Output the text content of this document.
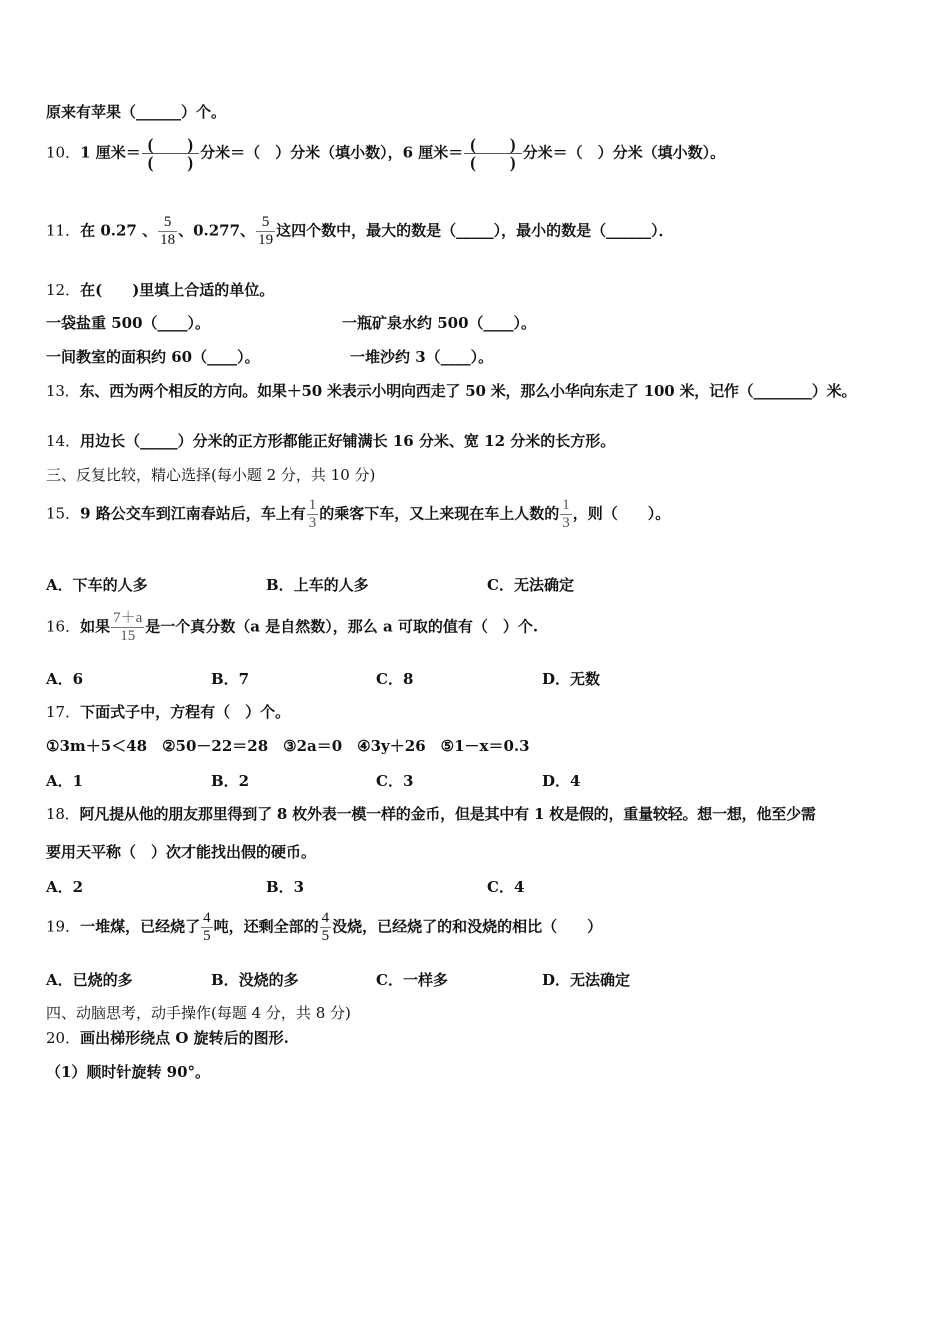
原来有苹果（______）个。
10．1 厘米＝ $\frac{( )}{( )}$ 分米＝（　）分米（填小数），6 厘米＝ $\frac{( )}{( )}$ 分米＝（　）分米（填小数）。
11．在 0.27 、 $\frac{5}{18}$ 、0.277、 $\frac{5}{19}$ 这四个数中，最大的数是（_____），最小的数是（______）．
12．在(　　)里填上合适的单位。
一袋盐重 500（____）。	一瓶矿泉水约 500（____）。
一间教室的面积约 60（____）。	一堆沙约 3（____）。
13．东、西为两个相反的方向。如果＋50 米表示小明向西走了 50 米，那么小华向东走了 100 米，记作（________）米。
14．用边长（_____）分米的正方形都能正好铺满长 16 分米、宽 12 分米的长方形。
三、反复比较，精心选择(每小题 2 分，共 10 分)
15．9 路公交车到江南春站后，车上有 $\frac{1}{3}$ 的乘客下车，又上来现在车上人数的 $\frac{1}{3}$ ，则（　　）。
A．下车的人多	B．上车的人多	C．无法确定
16．如果 $\frac{7+a}{15}$ 是一个真分数（a 是自然数），那么 a 可取的值有（　）个.
A．6	B．7	C．8	D．无数
17．下面式子中，方程有（　）个。
①3m＋5＜48　②50－22＝28　③2a＝0　④3y＋26　⑤1－x＝0.3
A．1	B．2	C．3	D．4
18．阿凡提从他的朋友那里得到了 8 枚外表一模一样的金币，但是其中有 1 枚是假的，重量较轻。想一想，他至少需
要用天平称（　）次才能找出假的硬币。
A．2	B．3	C．4
19．一堆煤，已经烧了 $\frac{4}{5}$ 吨，还剩全部的 $\frac{4}{5}$ 没烧，已经烧了的和没烧的相比（　　）
A．已烧的多	B．没烧的多	C．一样多	D．无法确定
四、动脑思考，动手操作(每题 4 分，共 8 分)
20．画出梯形绕点 O 旋转后的图形.
（1）顺时针旋转 90°。
